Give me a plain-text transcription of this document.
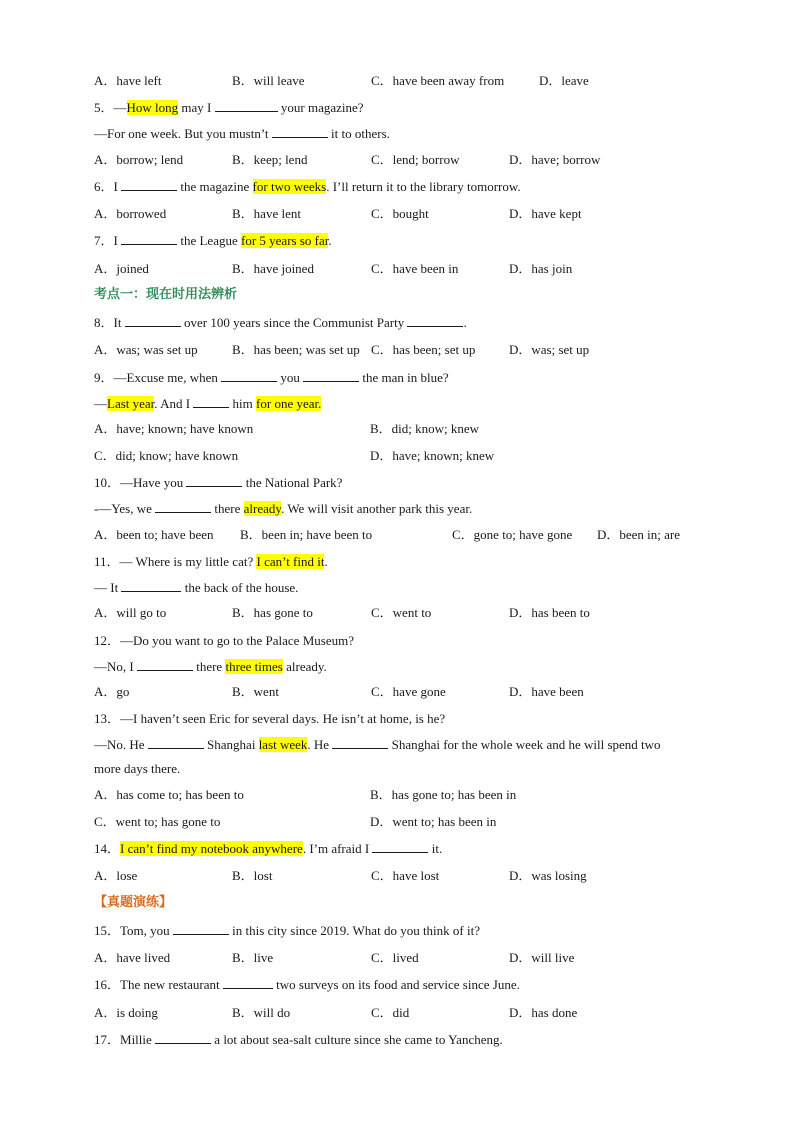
A．have left	B．will leave	C．have been away from	D．leave
5．—How long may I	your magazine?
—For one week. But you mustn’t	it to others.
A．borrow; lend	B．keep; lend	C．lend; borrow	D．have; borrow
6．I	the magazine for two weeks. I’ll return it to the library tomorrow.
A．borrowed	B．have lent	C．bought	D．have kept
7．I	the League for 5 years so far.
A．joined	B．have joined	C．have been in	D．has join
考点一：现在时用法辨析
8．It	over 100 years since the Communist Party	.
A．was; was set up	B．has been; was set up C．has been; set up	D．was; set up
9．—Excuse me, when	you	the man in blue?
—Last year. And I	him for one year.
A．have; known; have known	B．did; know; knew
C．did; know; have known	D．have; known; knew
10．—Have you	the National Park?
-—Yes, we	there already. We will visit another park this year.
A．been to; have been B．been in; have been to	C．gone to; have gone D．been in; are
11．— Where is my little cat? I can’t find it.
— It	the back of the house.
A．will go to	B．has gone to	C．went to	D．has been to
12．—Do you want to go to the Palace Museum?
—No, I	there three times already.
A．go	B．went	C．have gone	D．have been
13．—I haven’t seen Eric for several days. He isn’t at home, is he?
—No. He	Shanghai last week. He	Shanghai for the whole week and he will spend two
more days there.
A．has come to; has been to	B．has gone to; has been in
C．went to; has gone to	D．went to; has been in
14．I can’t find my notebook anywhere. I’m afraid I	it.
A．lose	B．lost	C．have lost	D．was losing
【真题演练】
15．Tom, you	in this city since 2019. What do you think of it?
A．have lived	B．live	C．lived	D．will live
16．The new restaurant	two surveys on its food and service since June.
A．is doing	B．will do	C．did	D．has done
17．Millie	a lot about sea-salt culture since she came to Yancheng.
